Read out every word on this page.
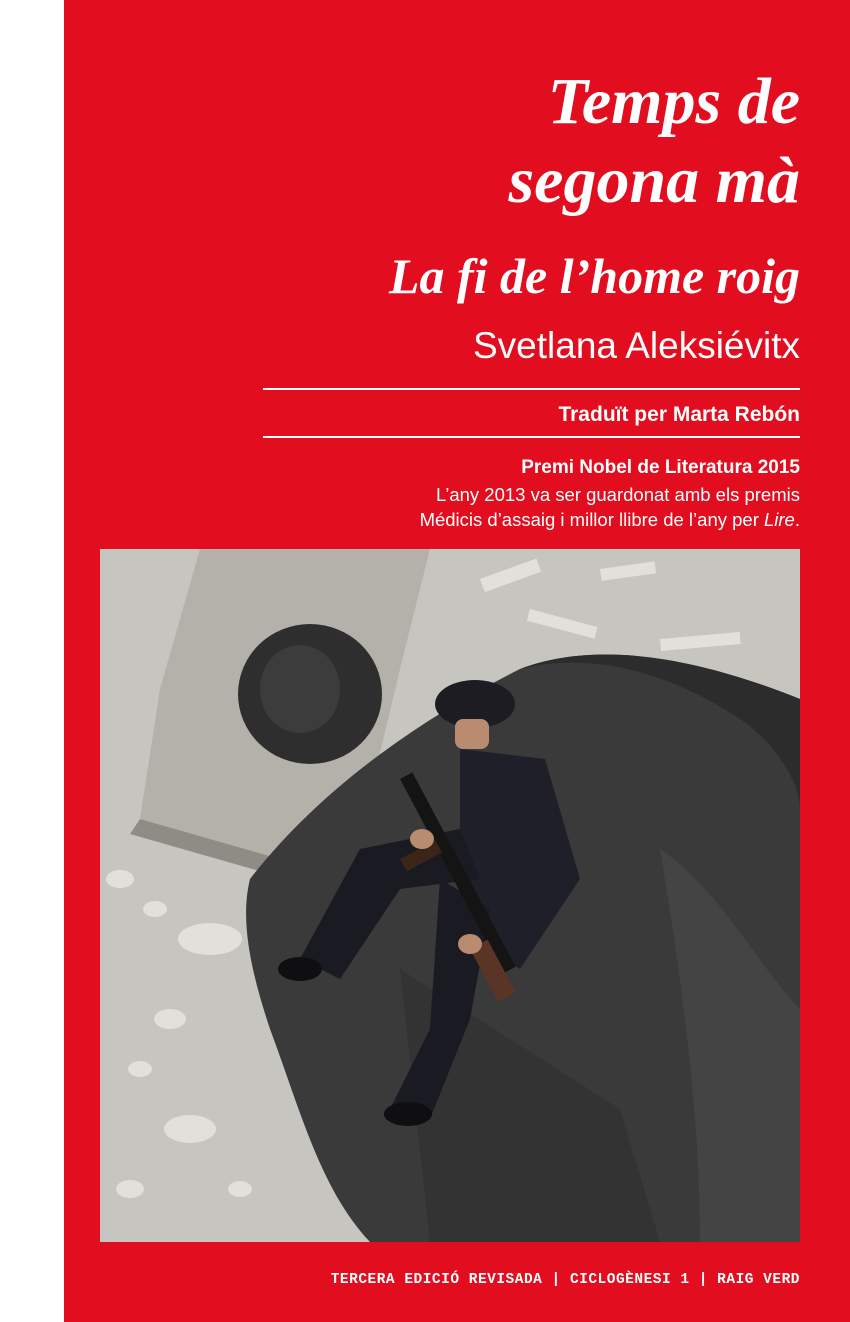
Temps de
segona mà
La fi de l’home roig
Svetlana Aleksiévitx
Traduït per Marta Rebón
Premi Nobel de Literatura 2015
L’any 2013 va ser guardonat amb els premis
Médicis d’assaig i millor llibre de l’any per Lire.
TERCERA EDICIÓ REVISADA | CICLOGÈNESI 1 | RAIG VERD
